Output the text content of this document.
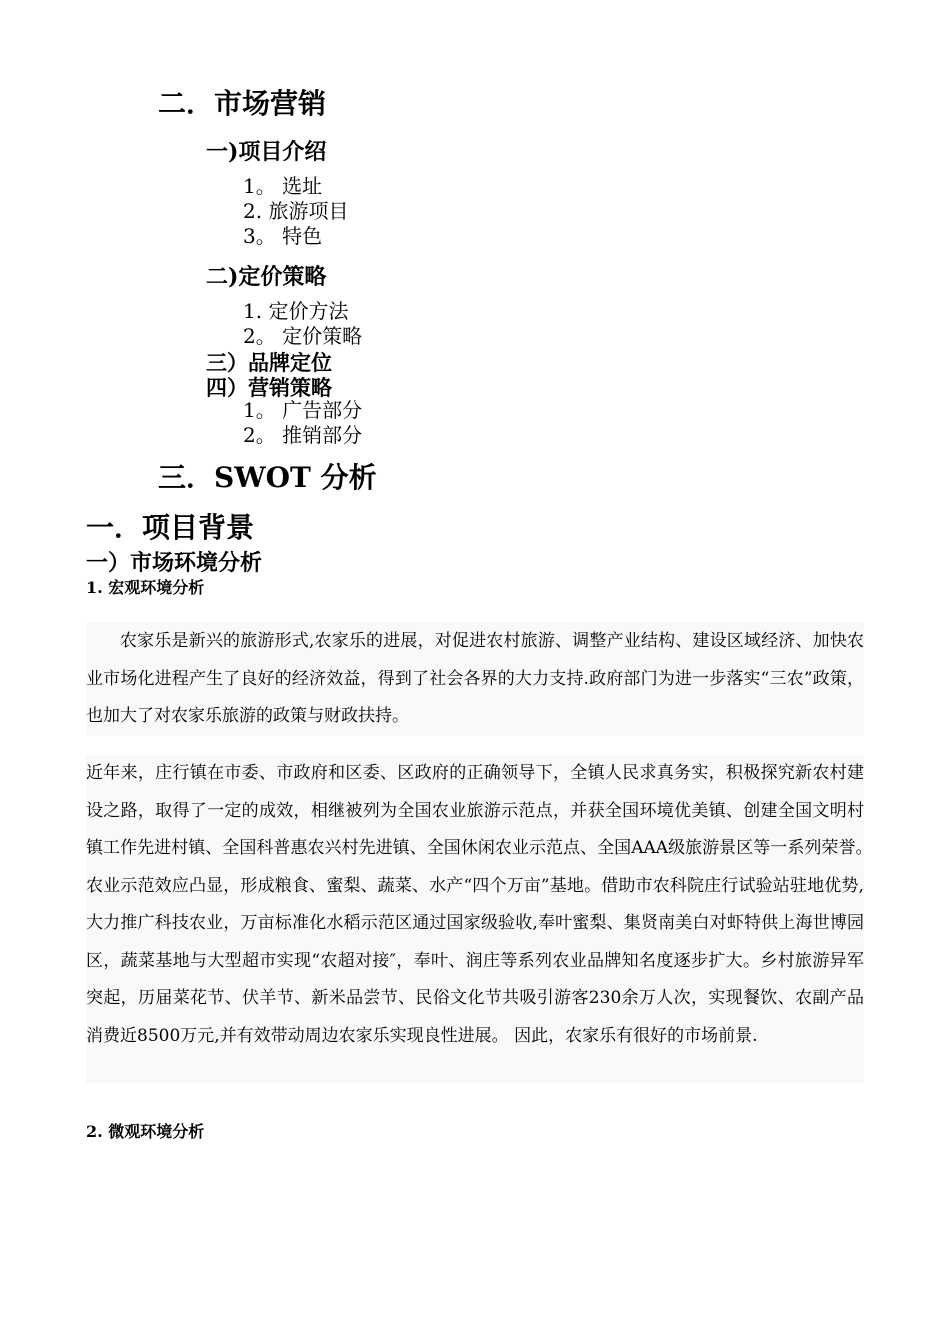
二．市场营销
一)项目介绍
1。 选址
2. 旅游项目
3。 特色
二)定价策略
1. 定价方法
2。 定价策略
三）品牌定位
四）营销策略
1。 广告部分
2。 推销部分
三．SWOT 分析
一．项目背景
一）市场环境分析
1. 宏观环境分析

农家乐是新兴的旅游形式,农家乐的进展，对促进农村旅游、调整产业结构、建设区域经济、加快农业市场化进程产生了良好的经济效益，得到了社会各界的大力支持.政府部门为进一步落实“三农”政策，也加大了对农家乐旅游的政策与财政扶持。

近年来，庄行镇在市委、市政府和区委、区政府的正确领导下，全镇人民求真务实，积极探究新农村建设之路，取得了一定的成效，相继被列为全国农业旅游示范点，并获全国环境优美镇、创建全国文明村镇工作先进村镇、全国科普惠农兴村先进镇、全国休闲农业示范点、全国AAA级旅游景区等一系列荣誉。　 农业示范效应凸显，形成粮食、蜜梨、蔬菜、水产“四个万亩”基地。借助市农科院庄行试验站驻地优势,大力推广科技农业，万亩标准化水稻示范区通过国家级验收,奉叶蜜梨、集贤南美白对虾特供上海世博园区，蔬菜基地与大型超市实现“农超对接″，奉叶、润庄等系列农业品牌知名度逐步扩大。乡村旅游异军突起，历届菜花节、伏羊节、新米品尝节、民俗文化节共吸引游客230余万人次，实现餐饮、农副产品消费近8500万元,并有效带动周边农家乐实现良性进展。 因此，农家乐有很好的市场前景.

2. 微观环境分析
